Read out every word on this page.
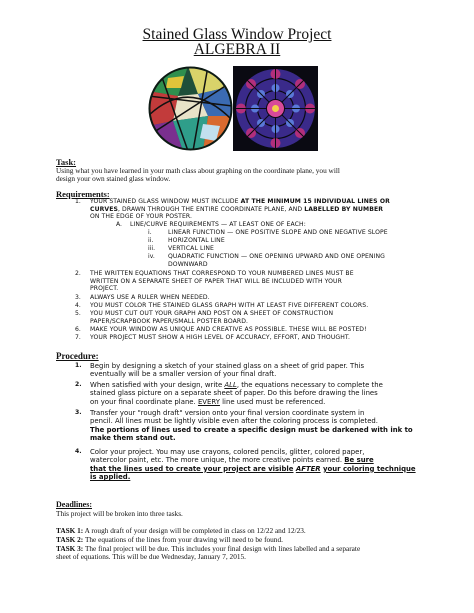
Stained Glass Window Project
ALGEBRA II
Task:
Using what you have learned in your math class about graphing on the coordinate plane, you will
design your own stained glass window.
Requirements:
1. YOUR STAINED GLASS WINDOW MUST INCLUDE AT THE MINIMUM 15 INDIVIDUAL LINES OR
CURVES, DRAWN THROUGH THE ENTIRE COORDINATE PLANE, AND LABELLED BY NUMBER
ON THE EDGE OF YOUR POSTER.
A. LINE/CURVE REQUIREMENTS — AT LEAST ONE OF EACH:
i.	LINEAR FUNCTION — ONE POSITIVE SLOPE AND ONE NEGATIVE SLOPE
ii. HORIZONTAL LINE
iii. VERTICAL LINE
iv. QUADRATIC FUNCTION — ONE OPENING UPWARD AND ONE OPENING
DOWNWARD
2. THE WRITTEN EQUATIONS THAT CORRESPOND TO YOUR NUMBERED LINES MUST BE
WRITTEN ON A SEPARATE SHEET OF PAPER THAT WILL BE INCLUDED WITH YOUR
PROJECT.
3. ALWAYS USE A RULER WHEN NEEDED.
4. YOU MUST COLOR THE STAINED GLASS GRAPH WITH AT LEAST FIVE DIFFERENT COLORS.
5. YOU MUST CUT OUT YOUR GRAPH AND POST ON A SHEET OF CONSTRUCTION
PAPER/SCRAPBOOK PAPER/SMALL POSTER BOARD.
6. MAKE YOUR WINDOW AS UNIQUE AND CREATIVE AS POSSIBLE. THESE WILL BE POSTED!
7. YOUR PROJECT MUST SHOW A HIGH LEVEL OF ACCURACY, EFFORT, AND THOUGHT.
Procedure:
1. Begin by designing a sketch of your stained glass on a sheet of grid paper. This
eventually will be a smaller version of your final draft.
2. When satisfied with your design, write ALL, the equations necessary to complete the
stained glass picture on a separate sheet of paper. Do this before drawing the lines
on your final coordinate plane. EVERY line used must be referenced.
3. Transfer your "rough draft" version onto your final version coordinate system in
pencil. All lines must be lightly visible even after the coloring process is completed.
The portions of lines used to create a specific design must be darkened with ink to
make them stand out.
4. Color your project. You may use crayons, colored pencils, glitter, colored paper,
watercolor paint, etc. The more unique, the more creative points earned. Be sure
that the lines used to create your project are visible AFTER your coloring technique
is applied.
Deadlines:
This project will be broken into three tasks.
TASK 1: A rough draft of your design will be completed in class on 12/22 and 12/23.
TASK 2: The equations of the lines from your drawing will need to be found.
TASK 3: The final project will be due. This includes your final design with lines labelled and a separate
sheet of equations. This will be due Wednesday, January 7, 2015.
